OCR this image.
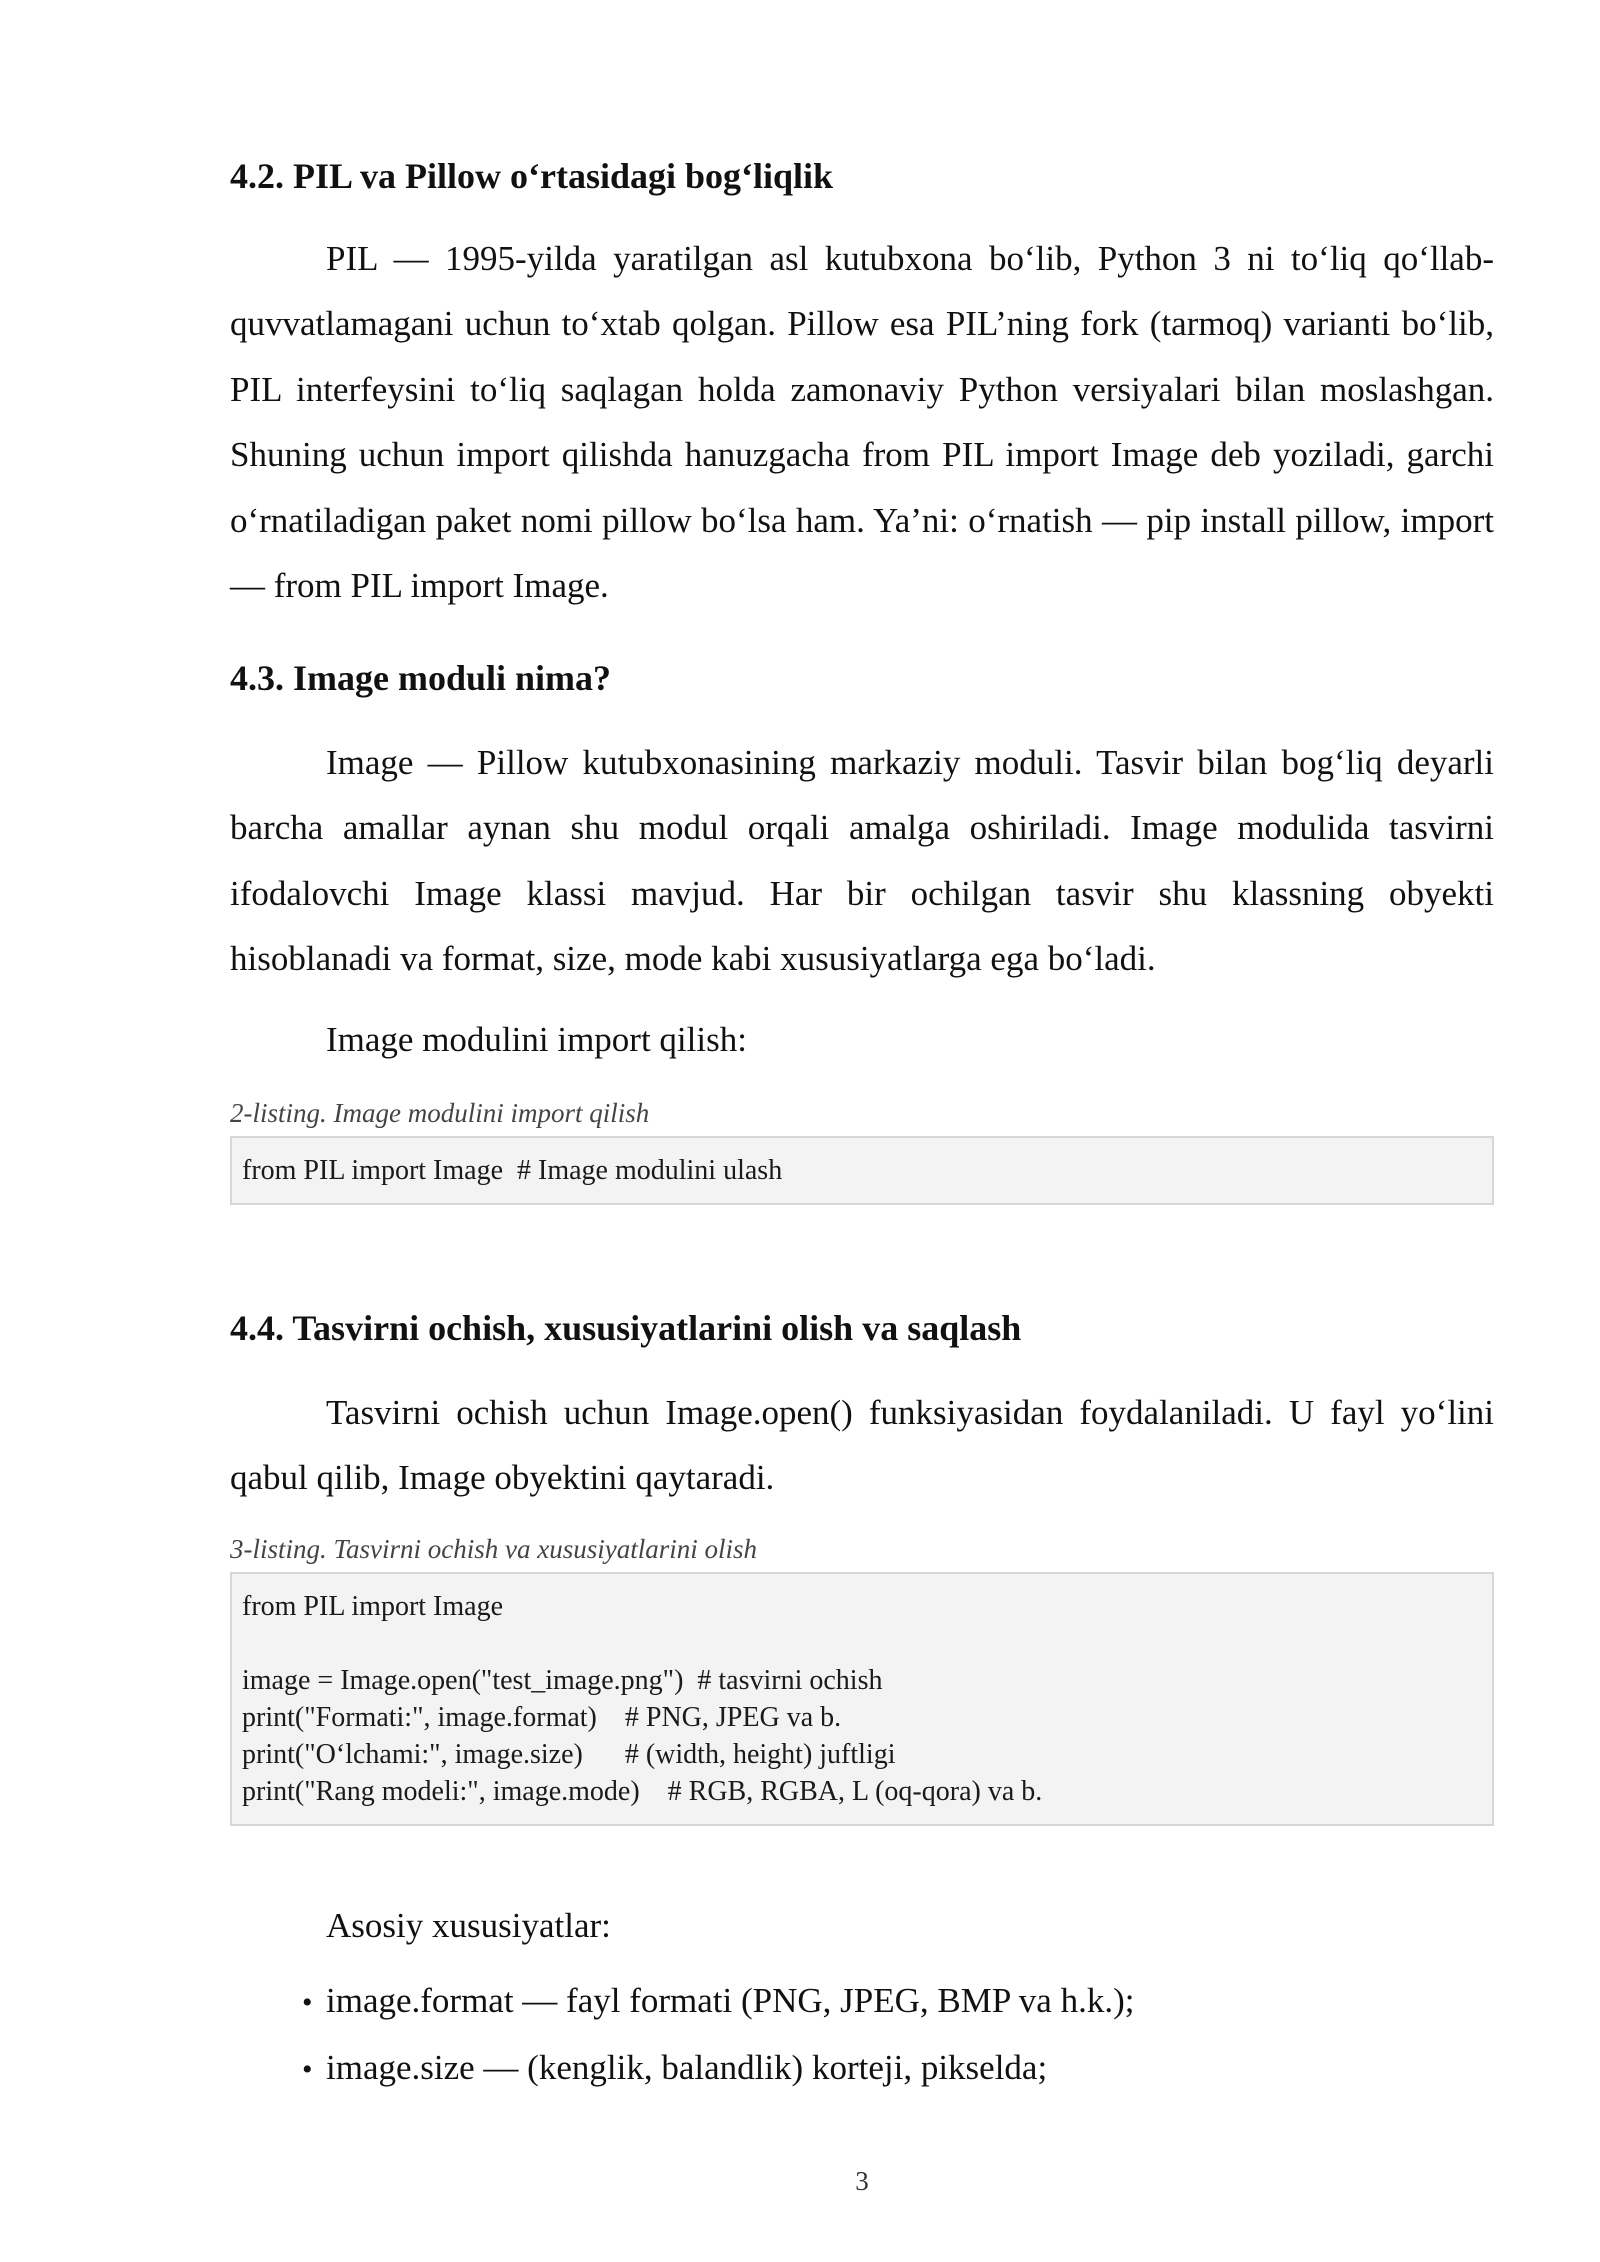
4.2. PIL va Pillow o‘rtasidagi bog‘liqlik

PIL — 1995-yilda yaratilgan asl kutubxona bo‘lib, Python 3 ni to‘liq qo‘llab-quvvatlamagani uchun to‘xtab qolgan. Pillow esa PIL’ning fork (tarmoq) varianti bo‘lib, PIL interfeysini to‘liq saqlagan holda zamonaviy Python versiyalari bilan moslashgan. Shuning uchun import qilishda hanuzgacha from PIL import Image deb yoziladi, garchi o‘rnatiladigan paket nomi pillow bo‘lsa ham. Ya’ni: o‘rnatish — pip install pillow, import — from PIL import Image.

4.3. Image moduli nima?

Image — Pillow kutubxonasining markaziy moduli. Tasvir bilan bog‘liq deyarli barcha amallar aynan shu modul orqali amalga oshiriladi. Image modulida tasvirni ifodalovchi Image klassi mavjud. Har bir ochilgan tasvir shu klassning obyekti hisoblanadi va format, size, mode kabi xususiyatlarga ega bo‘ladi.

Image modulini import qilish:

2-listing. Image modulini import qilish

from PIL import Image  # Image modulini ulash
4.4. Tasvirni ochish, xususiyatlarini olish va saqlash

Tasvirni ochish uchun Image.open() funksiyasidan foydalaniladi. U fayl yo‘lini qabul qilib, Image obyektini qaytaradi.

3-listing. Tasvirni ochish va xususiyatlarini olish

from PIL import Image
image = Image.open("test_image.png")  # tasvirni ochish
print("Formati:", image.format)    # PNG, JPEG va b.
print("O‘lchami:", image.size)      # (width, height) juftligi
print("Rang modeli:", image.mode)    # RGB, RGBA, L (oq-qora) va b.

Asosiy xususiyatlar:

• image.format — fayl formati (PNG, JPEG, BMP va h.k.);
• image.size — (kenglik, balandlik) korteji, pikselda;
3
